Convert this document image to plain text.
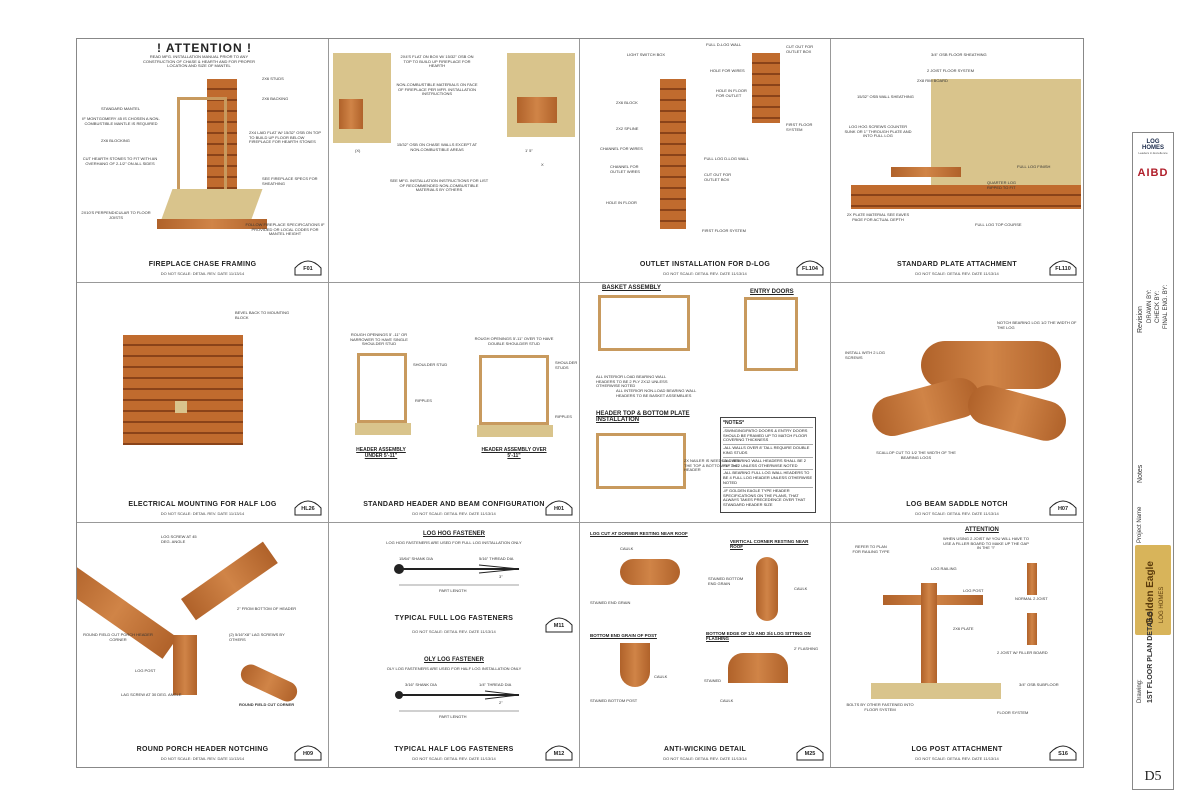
! ATTENTION !
READ MFG. INSTALLATION MANUAL PRIOR TO ANY CONSTRUCTION OF CHASE & HEARTH AND FOR PROPER LOCATION AND SIZE OF MANTEL
2X6 STUDS
2X6 BACKING
STANDARD MANTEL
IF MONTGOMERY 45 IS CHOSEN A NON-COMBUSTIBLE MANTLE IS REQUIRED
2X6 BLOCKING
2X4 LAID FLAT W/ 15/32" OSB ON TOP TO BUILD UP FLOOR BELOW FIREPLACE FOR HEARTH STONES
CUT HEARTH STONES TO FIT WITH AN OVERHANG OF 2-1/2" ON ALL SIDES
SEE FIREPLACE SPECS FOR SHEATHING
2X10'S PERPENDICULAR TO FLOOR JOISTS
FOLLOW FIREPLACE SPECIFICATIONS IF PROVIDED OR LOCAL CODES FOR MANTEL HEIGHT
FIREPLACE CHASE FRAMING
DO NOT SCALE: DETAIL REV. DATE 11/13/14
F01
2X4'S FLAT ON BOX W/ 15/32" OSB ON TOP TO BUILD UP FIREPLACE FOR HEARTH
NON-COMBUSTIBLE MATERIALS ON FACE OF FIREPLACE PER MFR. INSTALLATION INSTRUCTIONS
15/32" OSB ON CHASE WALLS EXCEPT AT NON-COMBUSTIBLE AREAS
SEE MFG. INSTALLATION INSTRUCTIONS FOR LIST OF RECOMMENDED NON-COMBUSTIBLE MATERIALS BY OTHERS
(X)	1' 5"
X
LIGHT SWITCH BOX
FULL D-LOG WALL	CUT OUT FOR OUTLET BOX
HOLE FOR WIRES
HOLE IN FLOOR FOR OUTLET
2X6 BLOCK
2X2 SPLINE
CHANNEL FOR WIRES
CHANNEL FOR OUTLET WIRES
FULL LOG D-LOG WALL
CUT OUT FOR OUTLET BOX
FIRST FLOOR SYSTEM
HOLE IN FLOOR
FIRST FLOOR SYSTEM
OUTLET INSTALLATION FOR D-LOG
DO NOT SCALE: DETAIL REV. DATE 11/13/14
FL104
3/4" OSB FLOOR SHEATHING
2 JOIST FLOOR SYSTEM
2X8 RIM BOARD
15/32" OSB WALL SHEATHING
LOG HOG SCREWS COUNTER SUNK OR 1" THROUGH PLATE AND INTO FULL LOG
FULL LOG FINISH
QUARTER LOG RIPPED TO FIT
2X PLATE MATERIAL SEE EAVES PAGE FOR ACTUAL DEPTH
FULL LOG TOP COURSE
STANDARD PLATE ATTACHMENT
DO NOT SCALE: DETAIL REV. DATE 11/13/14
FL110
BEVEL BACK TO MOUNTING BLOCK
ELECTRICAL MOUNTING FOR HALF LOG
DO NOT SCALE: DETAIL REV. DATE 11/13/14
HL26
ROUGH OPENINGS 5' -11" OR NARROWER TO HAVE SINGLE SHOULDER STUD
ROUGH OPENINGS 5'-11" OVER TO HAVE DOUBLE SHOULDER STUD
SHOULDER STUD	SHOULDER STUDS
RIPPLES
RIPPLES
HEADER ASSEMBLY UNDER 5'-11"
HEADER ASSEMBLY OVER 5'-11"
STANDARD HEADER AND BEAM CONFIGURATION
DO NOT SCALE: DETAIL REV. DATE 11/13/14
H01
BASKET ASSEMBLY
ENTRY DOORS
ALL INTERIOR LOAD BEARING WALL HEADERS TO BE 2 PLY 2X12 UNLESS OTHERWISE NOTED
ALL INTERIOR NON-LOAD BEARING WALL HEADERS TO BE BASKET ASSEMBLIES
HEADER TOP & BOTTOM PLATE INSTALLATION
2X NAILER IS NEEDED OVER THE TOP & BOTTOM OF THE HEADER
*NOTES*
-SWINGING/PATIO DOORS & ENTRY DOORS SHOULD BE FRAMED UP TO MATCH FLOOR COVERING THICKNESS
-ALL WALLS OVER 8' TALL REQUIRE DOUBLE KING STUDS
-ALL BEARING WALL HEADERS SHALL BE 2 PLY 2x12 UNLESS OTHERWISE NOTED
-ALL BEARING FULL LOG WALL HEADERS TO BE 4 FULL LOG HEADER UNLESS OTHERWISE NOTED
-IF GOLDEN EAGLE TYPE HEADER SPECIFICATIONS ON THE PLANS, THAT ALWAYS TAKES PRECEDENCE OVER THAT STANDARD HEADER SIZE
NOTCH BEARING LOG 1/2 THE WIDTH OF THE LOG
INSTALL WITH 2 LOG SCREWS
SCALLOP CUT TO 1/2 THE WIDTH OF THE BEARING LOGS
LOG BEAM SADDLE NOTCH
DO NOT SCALE: DETAIL REV. DATE 11/13/14
H07
LOG SCREW AT 45 DEG. ANGLE
2" FROM BOTTOM OF HEADER
ROUND FIELD CUT PORCH HEADER CORNER
(2) 5/16"X8" LAG SCREWS BY OTHERS
LOG POST
LAG SCREW AT 30 DEG. ANGLE
ROUND FIELD CUT CORNER
ROUND PORCH HEADER NOTCHING
DO NOT SCALE: DETAIL REV. DATE 11/13/14
H09
LOG HOG FASTENER
LOG HOG FASTENERS ARE USED FOR FULL LOG INSTALLATION ONLY
15/64" SHANK DIA	5/16" THREAD DIA
3"
PART LENGTH
TYPICAL FULL LOG FASTENERS
DO NOT SCALE: DETAIL REV. DATE 11/13/14
M11
OLY LOG FASTENER
OLY LOG FASTENERS ARE USED FOR HALF LOG INSTALLATION ONLY
3/16" SHANK DIA	1/4" THREAD DIA
2"
PART LENGTH
TYPICAL HALF LOG FASTENERS
DO NOT SCALE: DETAIL REV. DATE 11/13/14
M12
LOG CUT AT DORMER RESTING NEAR ROOF
VERTICAL CORNER RESTING NEAR ROOF
CAULK
STAINED END GRAIN
STAINED BOTTOM END GRAIN
CAULK
BOTTOM END GRAIN OF POST	BOTTOM EDGE OF 1/2 AND 3/4 LOG SITTING ON FLASHING
CAULK
STAINED BOTTOM POST
2' FLASHING
STAINED
CAULK
ANTI-WICKING DETAIL
DO NOT SCALE: DETAIL REV. DATE 11/13/14
M25
ATTENTION
WHEN USING 2 JOIST W/ YOU WILL HAVE TO USE A FILLER BOARD TO MAKE UP THE GAP IN THE "I"
REFER TO PLAN FOR RAILING TYPE
LOG RAILING
LOG POST
NORMAL 2 JOIST
2X6 PLATE
2 JOIST W/ FILLER BOARD
3/4" OSB SUBFLOOR
BOLTS BY OTHER FASTENED INTO FLOOR SYSTEM
FLOOR SYSTEM
LOG POST ATTACHMENT
DO NOT SCALE: DETAIL REV. DATE 11/13/14
S16
LOG HOMES
Leaders in Excellence
AIBD
Revision DRAWN BY: CHECK BY: FINAL ENG. BY:
Notes
Project Name
Golden Eagle LOG HOMES
Drawing: 1ST FLOOR PLAN DETAILS
D5
